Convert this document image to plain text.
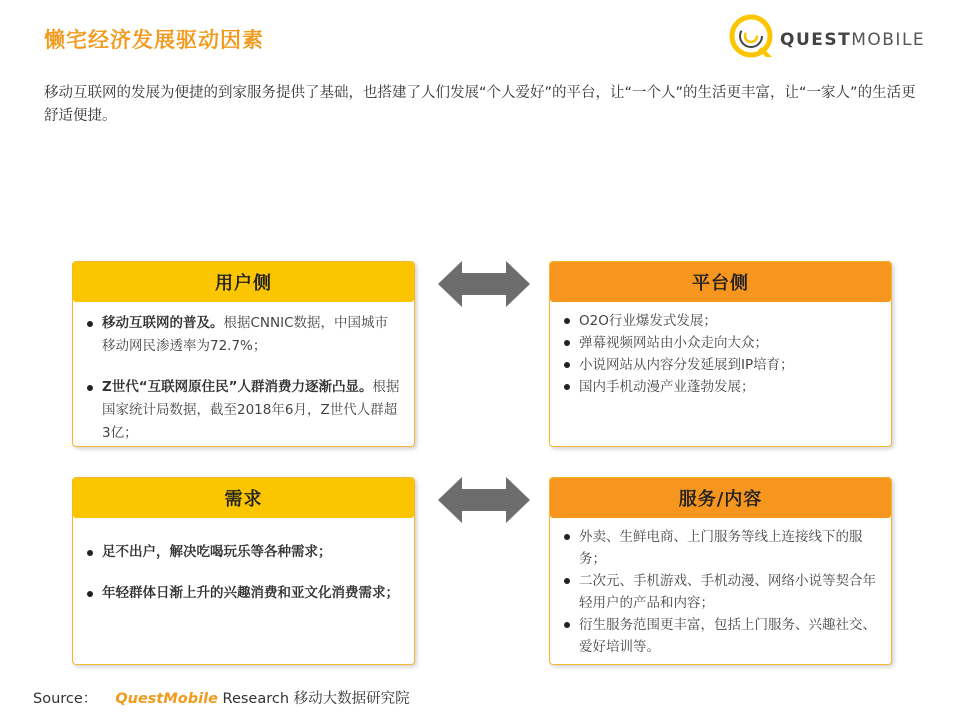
懒宅经济发展驱动因素	QUESTMOBILE
移动互联网的发展为便捷的到家服务提供了基础，也搭建了人们发展“个人爱好”的平台，让“一个人”的生活更丰富，让“一家人”的生活更舒适便捷。
用户侧
移动互联网的普及。根据CNNIC数据，中国城市移动网民渗透率为72.7%；
Z世代“互联网原住民”人群消费力逐渐凸显。根据国家统计局数据，截至2018年6月，Z世代人群超3亿；
平台侧
O2O行业爆发式发展；
弹幕视频网站由小众走向大众；
小说网站从内容分发延展到IP培育；
国内手机动漫产业蓬勃发展；
需求
足不出户，解决吃喝玩乐等各种需求；
年轻群体日渐上升的兴趣消费和亚文化消费需求；
服务/内容
外卖、生鲜电商、上门服务等线上连接线下的服务；
二次元、手机游戏、手机动漫、网络小说等契合年轻用户的产品和内容；
衍生服务范围更丰富，包括上门服务、兴趣社交、爱好培训等。
Source： QuestMobile Research 移动大数据研究院
